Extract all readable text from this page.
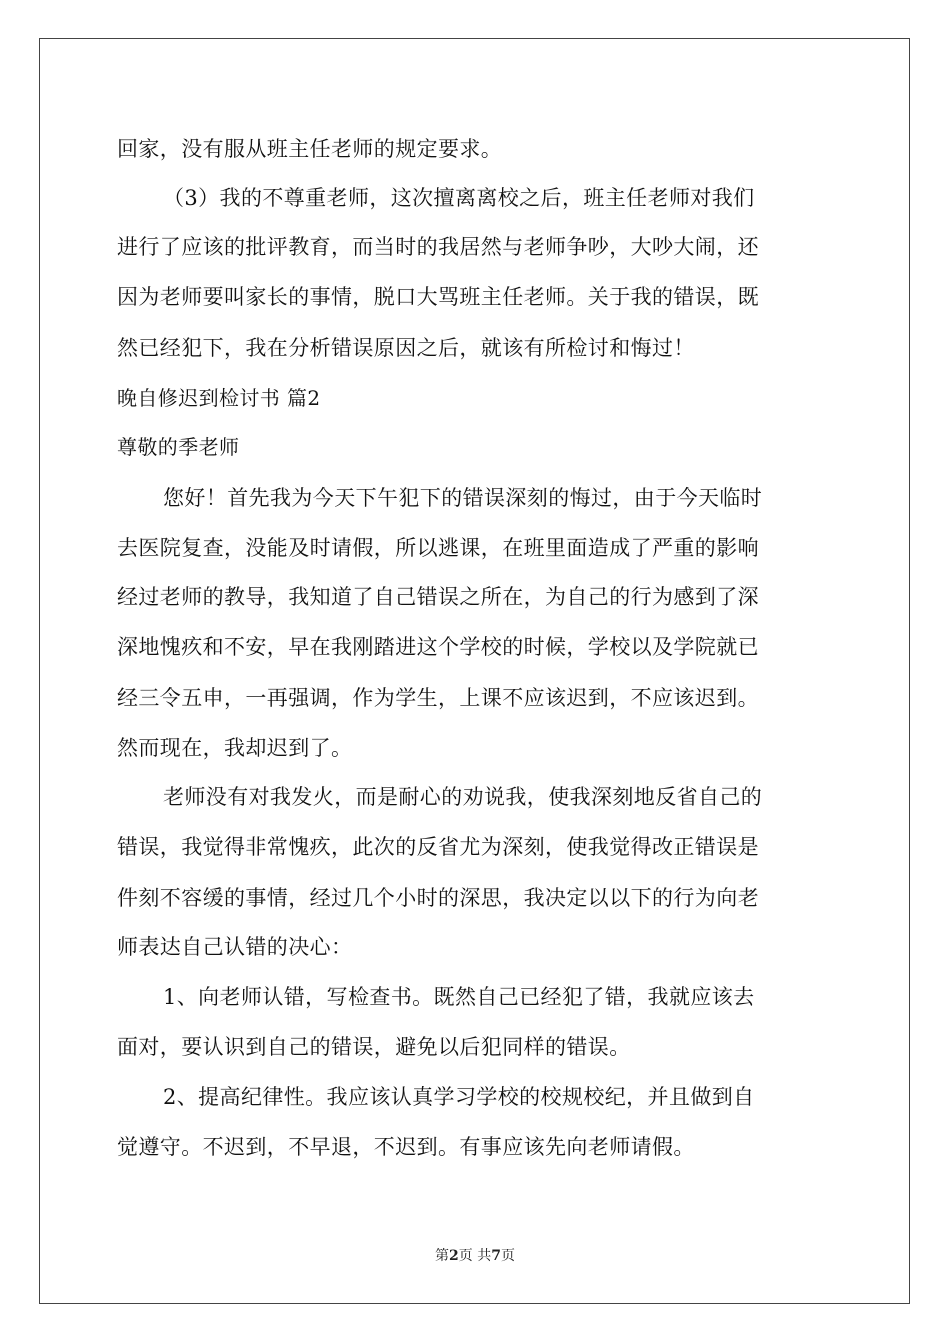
回家，没有服从班主任老师的规定要求。
（3）我的不尊重老师，这次擅离离校之后，班主任老师对我们
进行了应该的批评教育，而当时的我居然与老师争吵，大吵大闹，还
因为老师要叫家长的事情，脱口大骂班主任老师。关于我的错误，既
然已经犯下，我在分析错误原因之后，就该有所检讨和悔过！
晚自修迟到检讨书 篇2
尊敬的季老师
您好！首先我为今天下午犯下的错误深刻的悔过，由于今天临时
去医院复查，没能及时请假，所以逃课，在班里面造成了严重的影响
经过老师的教导，我知道了自己错误之所在，为自己的行为感到了深
深地愧疚和不安，早在我刚踏进这个学校的时候，学校以及学院就已
经三令五申，一再强调，作为学生，上课不应该迟到，不应该迟到。
然而现在，我却迟到了。
老师没有对我发火，而是耐心的劝说我，使我深刻地反省自己的
错误，我觉得非常愧疚，此次的反省尤为深刻，使我觉得改正错误是
件刻不容缓的事情，经过几个小时的深思，我决定以以下的行为向老
师表达自己认错的决心：
1、向老师认错，写检查书。既然自己已经犯了错，我就应该去
面对，要认识到自己的错误，避免以后犯同样的错误。
2、提高纪律性。我应该认真学习学校的校规校纪，并且做到自
觉遵守。不迟到，不早退，不迟到。有事应该先向老师请假。
第2页 共7页
